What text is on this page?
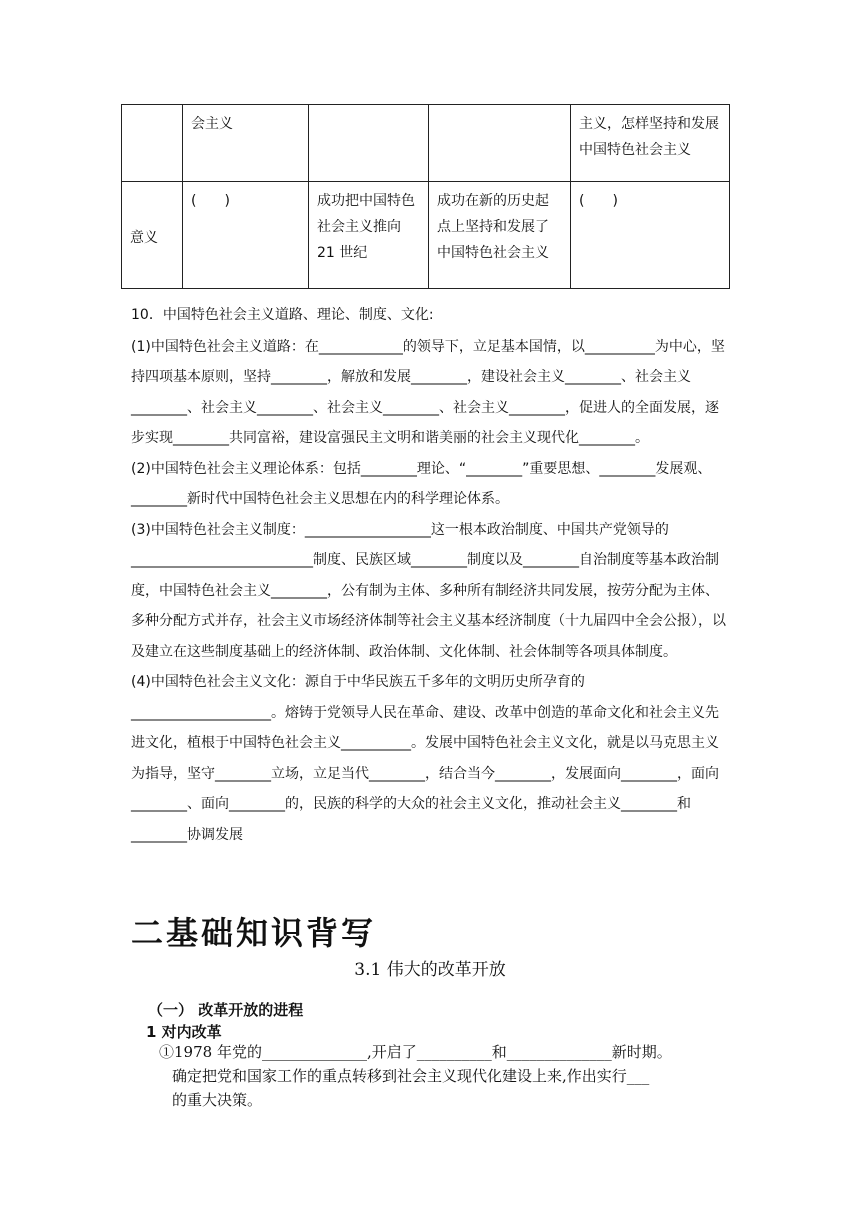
	会主义			主义，怎样坚持和发展中国特色社会主义
意义	(　　)	成功把中国特色社会主义推向 21 世纪	成功在新的历史起点上坚持和发展了中国特色社会主义	(　　)

10．中国特色社会主义道路、理论、制度、文化:

(1)中国特色社会主义道路：在____________的领导下，立足基本国情，以__________为中心，坚持四项基本原则，坚持________，解放和发展________，建设社会主义________、社会主义________、社会主义________、社会主义________、社会主义________，促进人的全面发展，逐步实现________共同富裕，建设富强民主文明和谐美丽的社会主义现代化________。

(2)中国特色社会主义理论体系：包括________理论、“________”重要思想、________发展观、________新时代中国特色社会主义思想在内的科学理论体系。

(3)中国特色社会主义制度：__________________这一根本政治制度、中国共产党领导的__________________________制度、民族区域________制度以及________自治制度等基本政治制度，中国特色社会主义________，公有制为主体、多种所有制经济共同发展，按劳分配为主体、多种分配方式并存，社会主义市场经济体制等社会主义基本经济制度（十九届四中全会公报），以及建立在这些制度基础上的经济体制、政治体制、文化体制、社会体制等各项具体制度。

(4)中国特色社会主义文化：源自于中华民族五千多年的文明历史所孕育的____________________。熔铸于党领导人民在革命、建设、改革中创造的革命文化和社会主义先进文化，植根于中国特色社会主义__________。发展中国特色社会主义文化，就是以马克思主义为指导，坚守________立场，立足当代________，结合当今________，发展面向________，面向________、面向________的，民族的科学的大众的社会主义文化，推动社会主义________和________协调发展

二基础知识背写
3.1 伟大的改革开放
（一） 改革开放的进程
1 对内改革

①1978 年党的______________,开启了__________和______________新时期。

确定把党和国家工作的重点转移到社会主义现代化建设上来,作出实行___

的重大决策。
